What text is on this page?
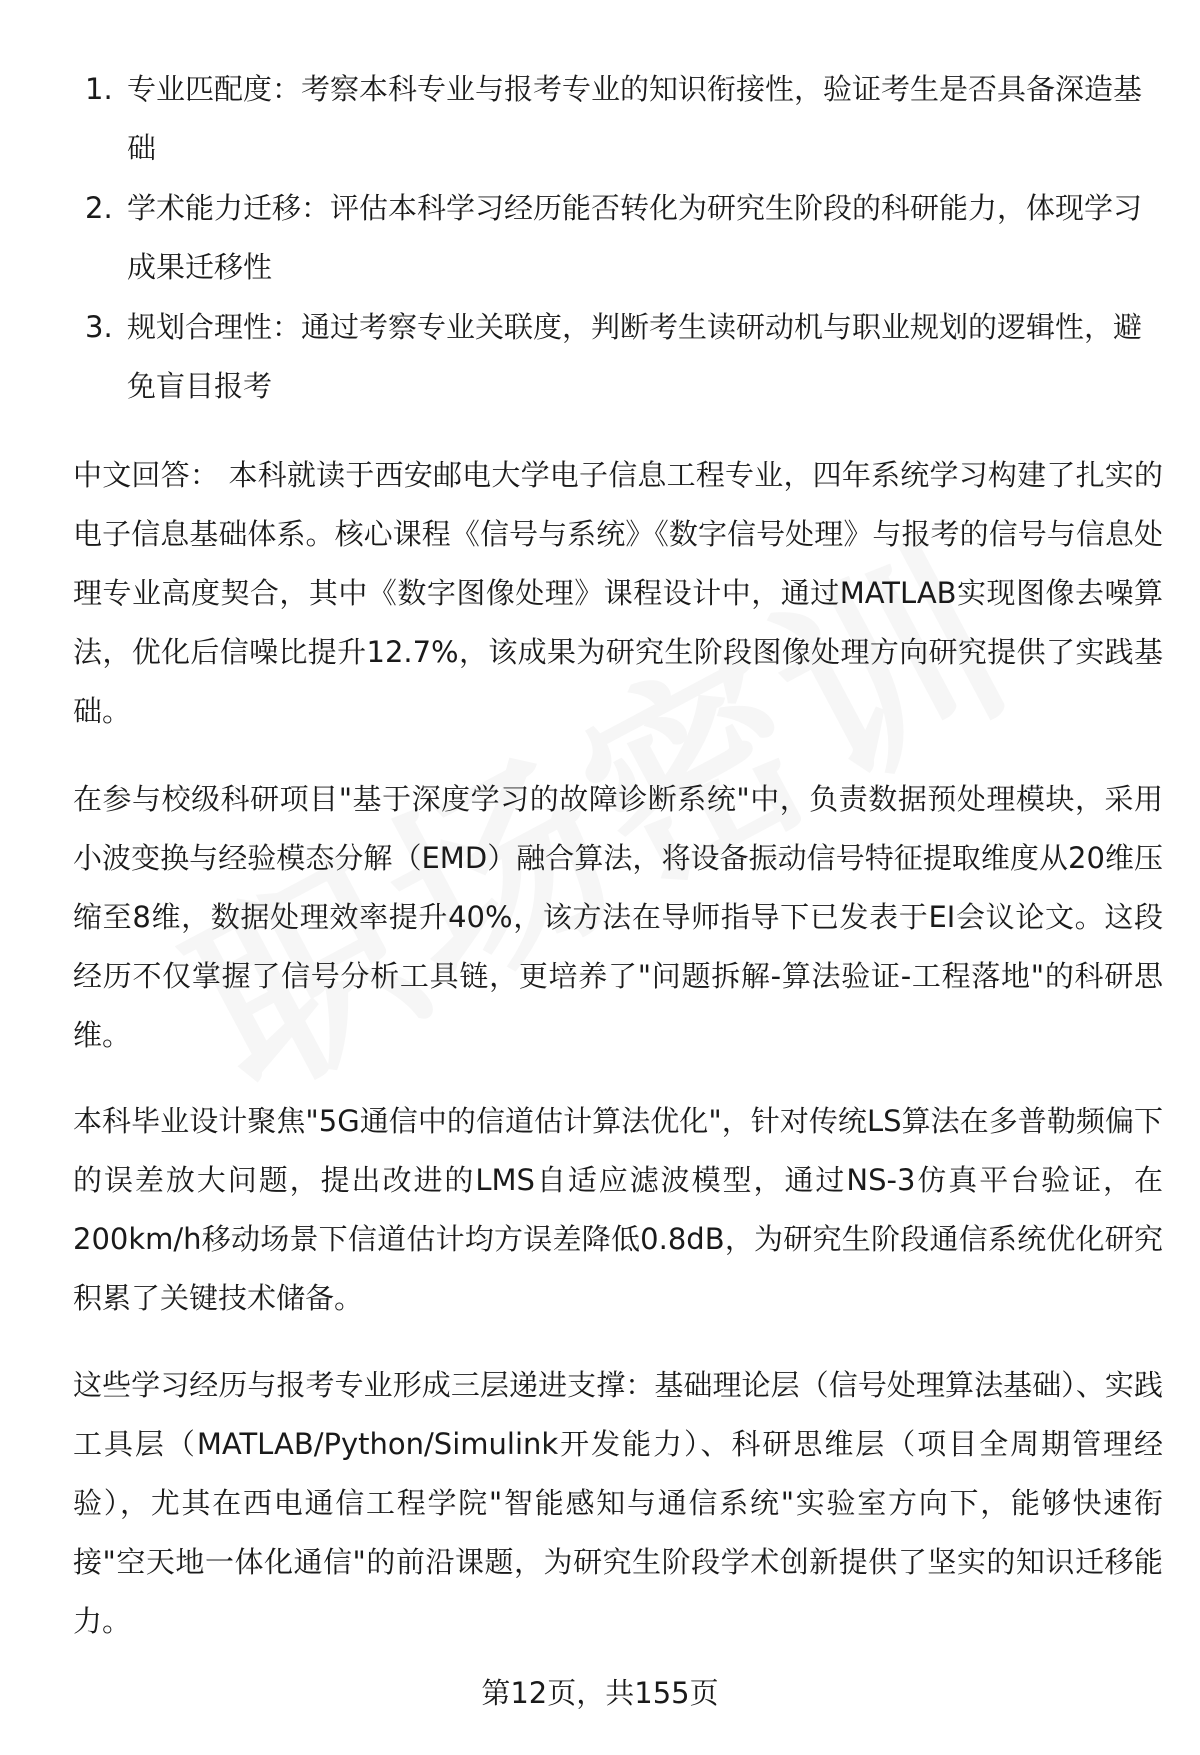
1. 专业匹配度：考察本科专业与报考专业的知识衔接性，验证考生是否具备深造基础
2. 学术能力迁移：评估本科学习经历能否转化为研究生阶段的科研能力，体现学习成果迁移性
3. 规划合理性：通过考察专业关联度，判断考生读研动机与职业规划的逻辑性，避免盲目报考

中文回答： 本科就读于西安邮电大学电子信息工程专业，四年系统学习构建了扎实的电子信息基础体系。核心课程《信号与系统》《数字信号处理》与报考的信号与信息处理专业高度契合，其中《数字图像处理》课程设计中，通过MATLAB实现图像去噪算法，优化后信噪比提升12.7%，该成果为研究生阶段图像处理方向研究提供了实践基础。

在参与校级科研项目"基于深度学习的故障诊断系统"中，负责数据预处理模块，采用小波变换与经验模态分解（EMD）融合算法，将设备振动信号特征提取维度从20维压缩至8维，数据处理效率提升40%，该方法在导师指导下已发表于EI会议论文。这段经历不仅掌握了信号分析工具链，更培养了"问题拆解-算法验证-工程落地"的科研思维。

本科毕业设计聚焦"5G通信中的信道估计算法优化"，针对传统LS算法在多普勒频偏下的误差放大问题，提出改进的LMS自适应滤波模型，通过NS-3仿真平台验证，在200km/h移动场景下信道估计均方误差降低0.8dB，为研究生阶段通信系统优化研究积累了关键技术储备。

这些学习经历与报考专业形成三层递进支撑：基础理论层（信号处理算法基础）、实践工具层（MATLAB/Python/Simulink开发能力）、科研思维层（项目全周期管理经验），尤其在西电通信工程学院"智能感知与通信系统"实验室方向下，能够快速衔接"空天地一体化通信"的前沿课题，为研究生阶段学术创新提供了坚实的知识迁移能力。

第12页，共155页
